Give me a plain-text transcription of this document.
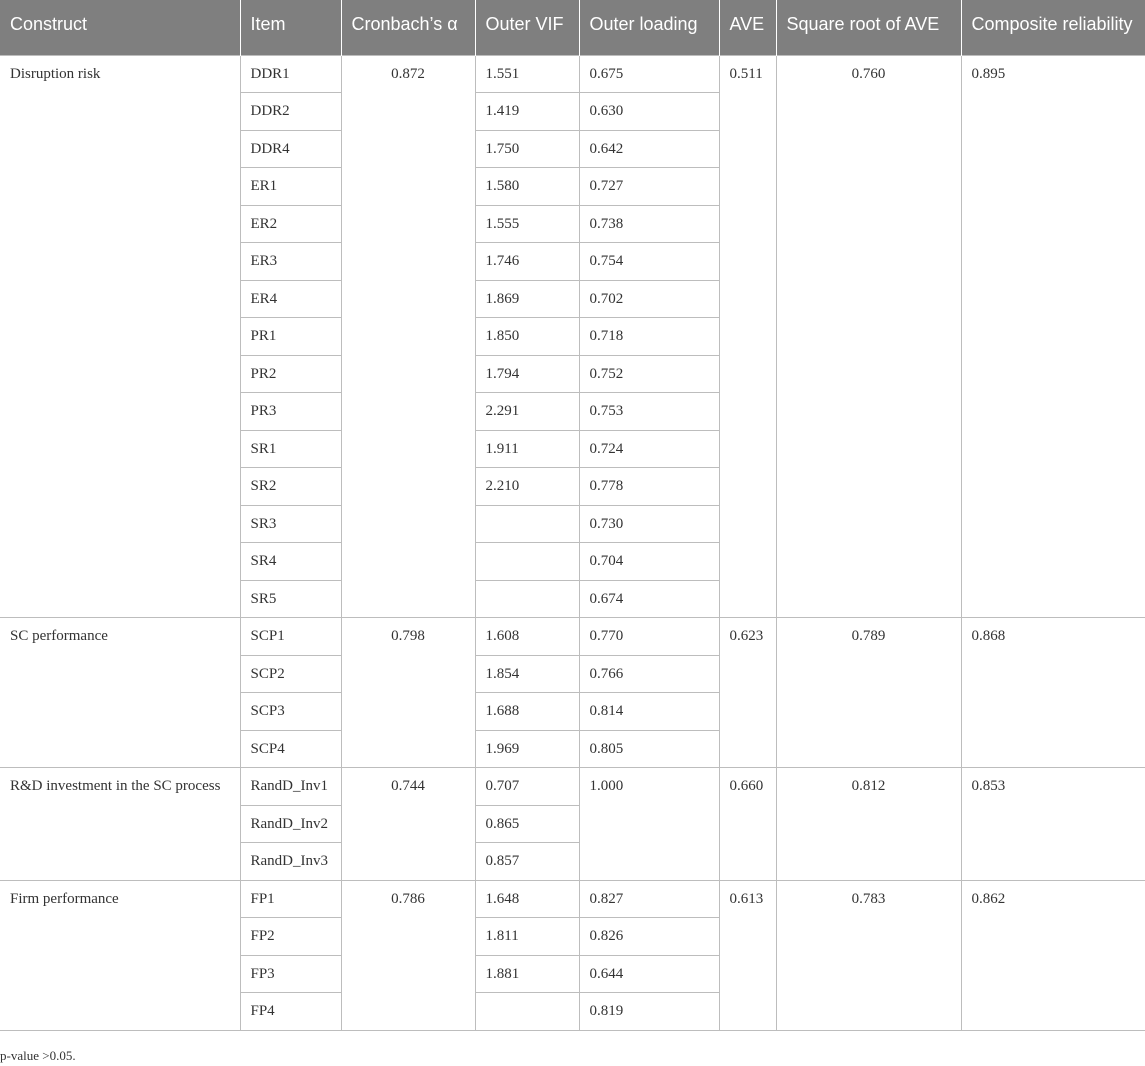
Construct	Item	Cronbach’s α	Outer VIF	Outer loading	AVE	Square root of AVE	Composite reliability
Disruption risk	DDR1	0.872	1.551	0.675	0.511	0.760	0.895
	DDR2		1.419	0.630			
	DDR4		1.750	0.642			
	ER1		1.580	0.727			
	ER2		1.555	0.738			
	ER3		1.746	0.754			
	ER4		1.869	0.702			
	PR1		1.850	0.718			
	PR2		1.794	0.752			
	PR3		2.291	0.753			
	SR1		1.911	0.724			
	SR2		2.210	0.778			
	SR3			0.730			
	SR4			0.704			
	SR5			0.674			
SC performance	SCP1	0.798	1.608	0.770	0.623	0.789	0.868
	SCP2		1.854	0.766			
	SCP3		1.688	0.814			
	SCP4		1.969	0.805			
R&D investment in the SC process	RandD_Inv1	0.744	0.707	1.000	0.660	0.812	0.853
	RandD_Inv2		0.865				
	RandD_Inv3		0.857				
Firm performance	FP1	0.786	1.648	0.827	0.613	0.783	0.862
	FP2		1.811	0.826			
	FP3		1.881	0.644			
	FP4			0.819			
p-value >0.05.
